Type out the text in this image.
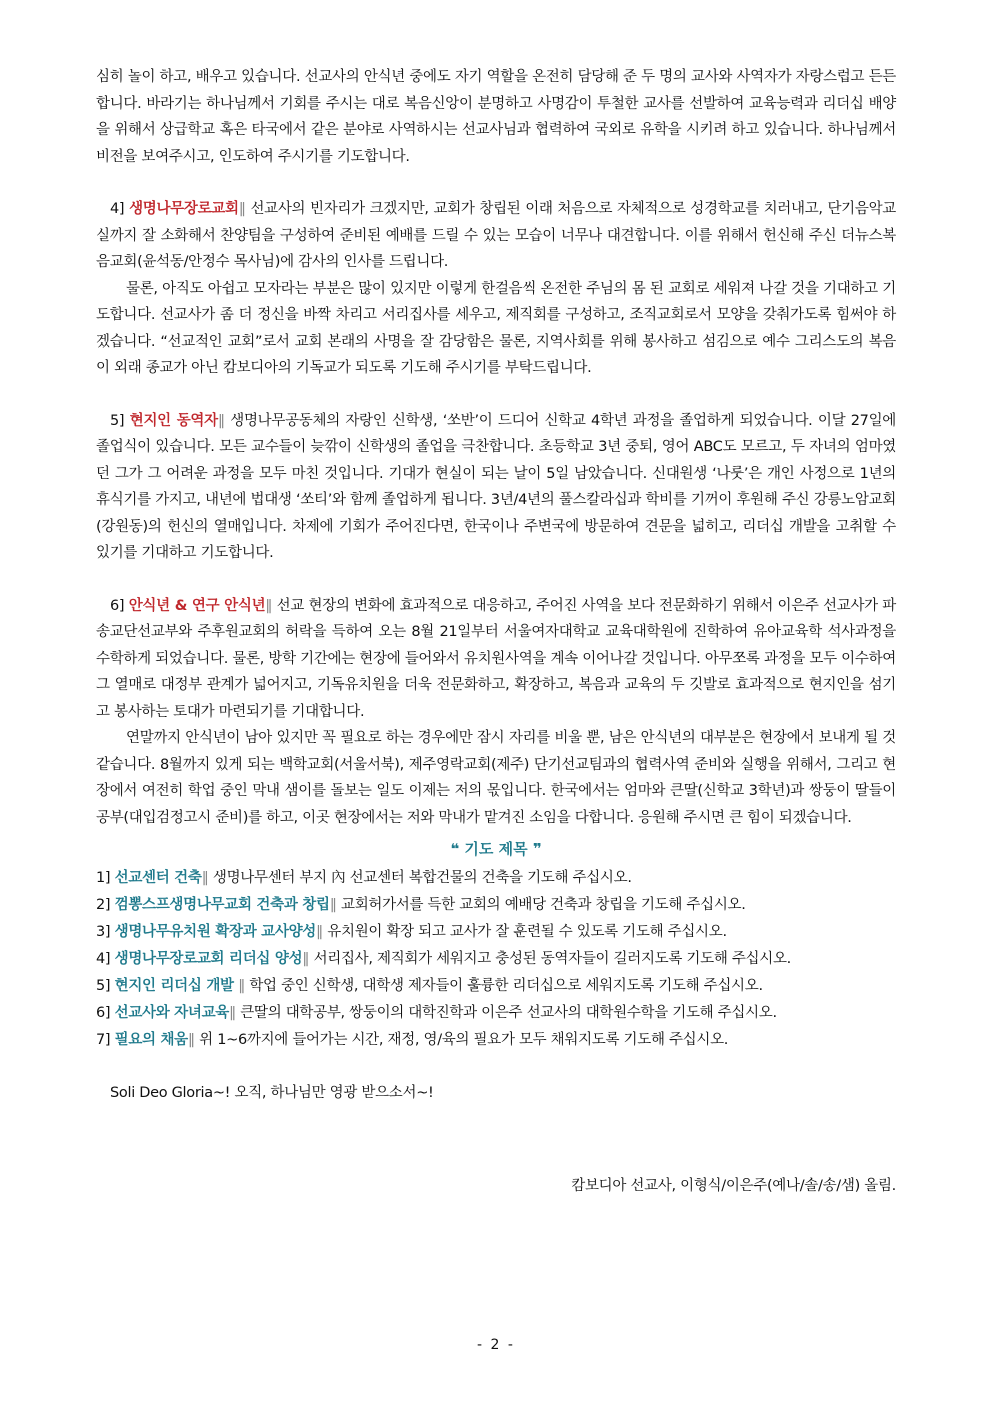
심히 놀이 하고, 배우고 있습니다. 선교사의 안식년 중에도 자기 역할을 온전히 담당해 준 두 명의 교사와 사역자가 자랑스럽고 든든합니다. 바라기는 하나님께서 기회를 주시는 대로 복음신앙이 분명하고 사명감이 투철한 교사를 선발하여 교육능력과 리더십 배양을 위해서 상급학교 혹은 타국에서 같은 분야로 사역하시는 선교사님과 협력하여 국외로 유학을 시키려 하고 있습니다. 하나님께서 비전을 보여주시고, 인도하여 주시기를 기도합니다.

4] 생명나무장로교회‖ 선교사의 빈자리가 크겠지만, 교회가 창립된 이래 처음으로 자체적으로 성경학교를 치러내고, 단기음악교실까지 잘 소화해서 찬양팀을 구성하여 준비된 예배를 드릴 수 있는 모습이 너무나 대견합니다. 이를 위해서 헌신해 주신 더뉴스복음교회(윤석동/안정수 목사님)에 감사의 인사를 드립니다.

물론, 아직도 아쉽고 모자라는 부분은 많이 있지만 이렇게 한걸음씩 온전한 주님의 몸 된 교회로 세워져 나갈 것을 기대하고 기도합니다. 선교사가 좀 더 정신을 바짝 차리고 서리집사를 세우고, 제직회를 구성하고, 조직교회로서 모양을 갖춰가도록 힘써야 하겠습니다. “선교적인 교회”로서 교회 본래의 사명을 잘 감당함은 물론, 지역사회를 위해 봉사하고 섬김으로 예수 그리스도의 복음이 외래 종교가 아닌 캄보디아의 기독교가 되도록 기도해 주시기를 부탁드립니다.

5] 현지인 동역자‖ 생명나무공동체의 자랑인 신학생, ‘쏘반’이 드디어 신학교 4학년 과정을 졸업하게 되었습니다. 이달 27일에 졸업식이 있습니다. 모든 교수들이 늦깎이 신학생의 졸업을 극찬합니다. 초등학교 3년 중퇴, 영어 ABC도 모르고, 두 자녀의 엄마였던 그가 그 어려운 과정을 모두 마친 것입니다. 기대가 현실이 되는 날이 5일 남았습니다. 신대원생 ‘나룻’은 개인 사정으로 1년의 휴식기를 가지고, 내년에 법대생 ‘쏘티’와 함께 졸업하게 됩니다. 3년/4년의 풀스칼라십과 학비를 기꺼이 후원해 주신 강릉노암교회(강원동)의 헌신의 열매입니다. 차제에 기회가 주어진다면, 한국이나 주변국에 방문하여 견문을 넓히고, 리더십 개발을 고취할 수 있기를 기대하고 기도합니다.

6] 안식년 & 연구 안식년‖ 선교 현장의 변화에 효과적으로 대응하고, 주어진 사역을 보다 전문화하기 위해서 이은주 선교사가 파송교단선교부와 주후원교회의 허락을 득하여 오는 8월 21일부터 서울여자대학교 교육대학원에 진학하여 유아교육학 석사과정을 수학하게 되었습니다. 물론, 방학 기간에는 현장에 들어와서 유치원사역을 계속 이어나갈 것입니다. 아무쪼록 과정을 모두 이수하여 그 열매로 대정부 관계가 넓어지고, 기독유치원을 더욱 전문화하고, 확장하고, 복음과 교육의 두 깃발로 효과적으로 현지인을 섬기고 봉사하는 토대가 마련되기를 기대합니다.

연말까지 안식년이 남아 있지만 꼭 필요로 하는 경우에만 잠시 자리를 비울 뿐, 남은 안식년의 대부분은 현장에서 보내게 될 것 같습니다. 8월까지 있게 되는 백학교회(서울서북), 제주영락교회(제주) 단기선교팀과의 협력사역 준비와 실행을 위해서, 그리고 현장에서 여전히 학업 중인 막내 샘이를 돌보는 일도 이제는 저의 몫입니다. 한국에서는 엄마와 큰딸(신학교 3학년)과 쌍둥이 딸들이 공부(대입검정고시 준비)를 하고, 이곳 현장에서는 저와 막내가 맡겨진 소임을 다합니다. 응원해 주시면 큰 힘이 되겠습니다.

❝ 기도 제목 ❞

1] 선교센터 건축‖ 생명나무센터 부지 內 선교센터 복합건물의 건축을 기도해 주십시오.

2] 껌뽕스프생명나무교회 건축과 창립‖ 교회허가서를 득한 교회의 예배당 건축과 창립을 기도해 주십시오.

3] 생명나무유치원 확장과 교사양성‖ 유치원이 확장 되고 교사가 잘 훈련될 수 있도록 기도해 주십시오.

4] 생명나무장로교회 리더십 양성‖ 서리집사, 제직회가 세워지고 충성된 동역자들이 길러지도록 기도해 주십시오.

5] 현지인 리더십 개발 ‖ 학업 중인 신학생, 대학생 제자들이 훌륭한 리더십으로 세워지도록 기도해 주십시오.

6] 선교사와 자녀교육‖ 큰딸의 대학공부, 쌍둥이의 대학진학과 이은주 선교사의 대학원수학을 기도해 주십시오.

7] 필요의 채움‖ 위 1~6까지에 들어가는 시간, 재정, 영/육의 필요가 모두 채워지도록 기도해 주십시오.

Soli Deo Gloria~! 오직, 하나님만 영광 받으소서~!

캄보디아 선교사, 이형식/이은주(예나/솔/송/샘) 올림.

- 2 -
